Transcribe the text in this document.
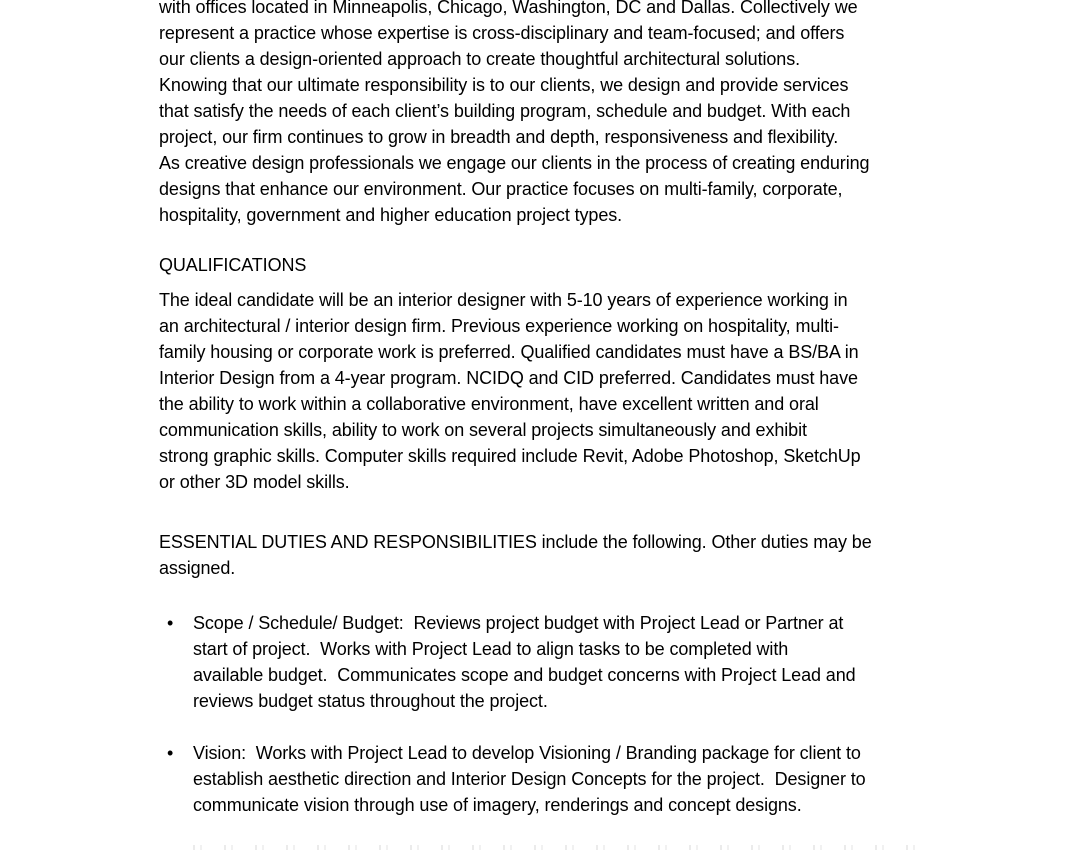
with offices located in Minneapolis, Chicago, Washington, DC and Dallas. Collectively we
represent a practice whose expertise is cross-disciplinary and team-focused; and offers
our clients a design-oriented approach to create thoughtful architectural solutions.
Knowing that our ultimate responsibility is to our clients, we design and provide services
that satisfy the needs of each client’s building program, schedule and budget. With each
project, our firm continues to grow in breadth and depth, responsiveness and flexibility.
As creative design professionals we engage our clients in the process of creating enduring
designs that enhance our environment. Our practice focuses on multi-family, corporate,
hospitality, government and higher education project types.
QUALIFICATIONS
The ideal candidate will be an interior designer with 5-10 years of experience working in
an architectural / interior design firm. Previous experience working on hospitality, multi-
family housing or corporate work is preferred. Qualified candidates must have a BS/BA in
Interior Design from a 4-year program. NCIDQ and CID preferred. Candidates must have
the ability to work within a collaborative environment, have excellent written and oral
communication skills, ability to work on several projects simultaneously and exhibit
strong graphic skills. Computer skills required include Revit, Adobe Photoshop, SketchUp
or other 3D model skills.
ESSENTIAL DUTIES AND RESPONSIBILITIES include the following. Other duties may be
assigned.
•	Scope / Schedule/ Budget:  Reviews project budget with Project Lead or Partner at
start of project.  Works with Project Lead to align tasks to be completed with
available budget.  Communicates scope and budget concerns with Project Lead and
reviews budget status throughout the project.
•	Vision:  Works with Project Lead to develop Visioning / Branding package for client to
establish aesthetic direction and Interior Design Concepts for the project.  Designer to
communicate vision through use of imagery, renderings and concept designs.
